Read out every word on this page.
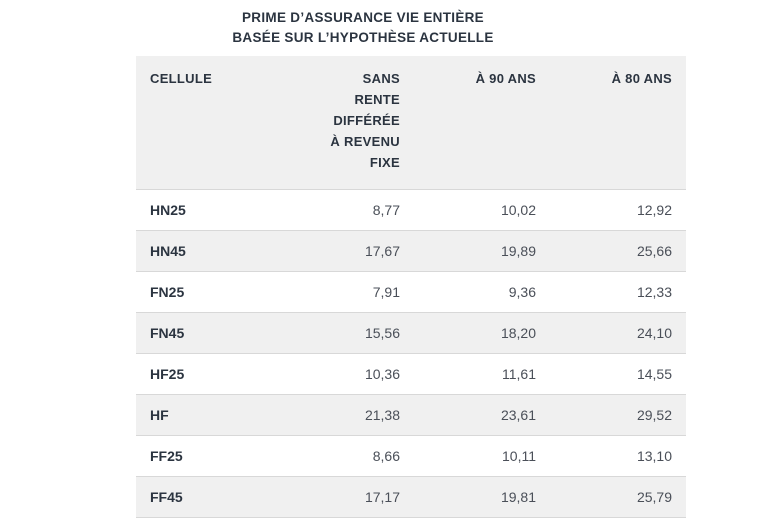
PRIME D’ASSURANCE VIE ENTIÈRE
BASÉE SUR L’HYPOTHÈSE ACTUELLE
CELLULE	SANS
RENTE
DIFFÉRÉE
À REVENU
FIXE	À 90 ANS	À 80 ANS
HN25	8,77	10,02	12,92
HN45	17,67	19,89	25,66
FN25	7,91	9,36	12,33
FN45	15,56	18,20	24,10
HF25	10,36	11,61	14,55
HF	21,38	23,61	29,52
FF25	8,66	10,11	13,10
FF45	17,17	19,81	25,79
